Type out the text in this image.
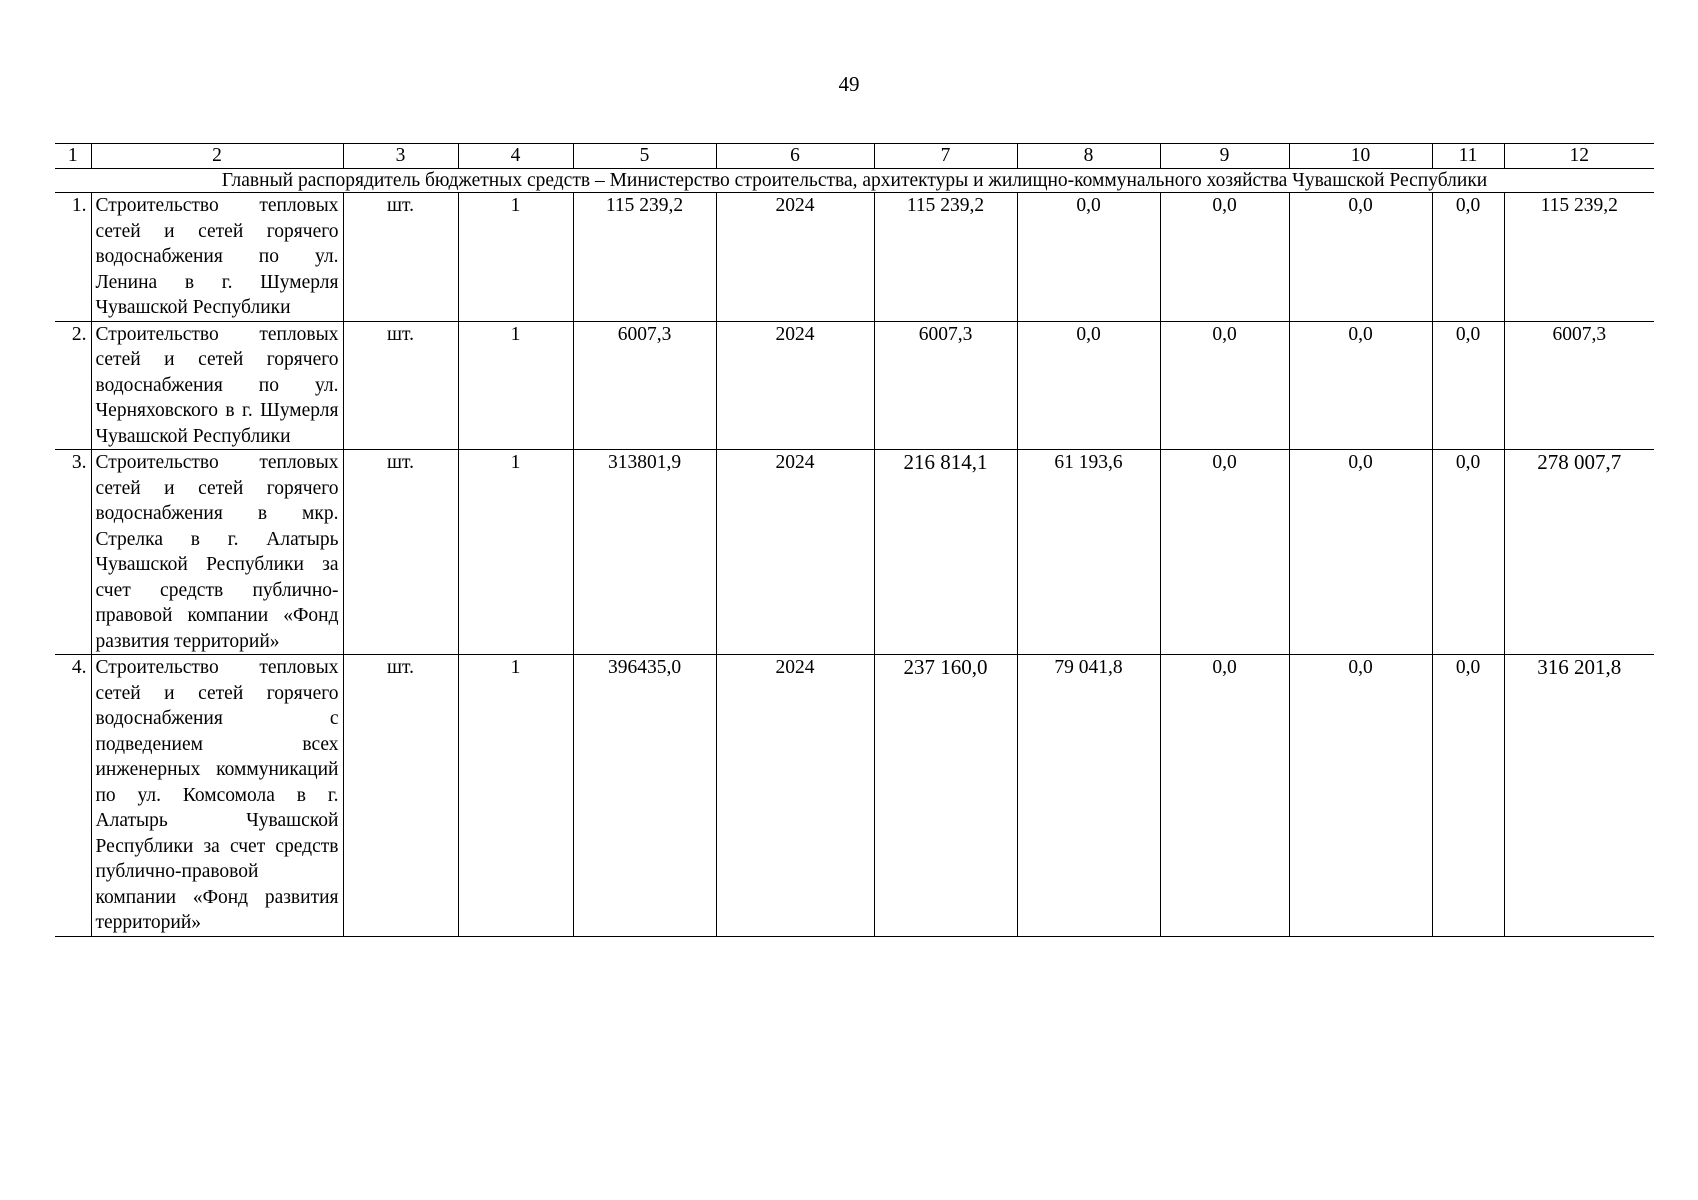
49
1	2	3	4	5	6	7	8	9	10	11	12
Главный распорядитель бюджетных средств – Министерство строительства, архитектуры и жилищно-коммунального хозяйства Чувашской Республики											
1.	Строительство тепловых сетей и сетей горячего водоснабжения по ул. Ленина в г. Шумерля Чувашской Республики	шт.	1	115 239,2	2024	115 239,2	0,0	0,0	0,0	0,0	115 239,2
2.	Строительство тепловых сетей и сетей горячего водоснабжения по ул. Черняховского в г. Шумерля Чувашской Республики	шт.	1	6007,3	2024	6007,3	0,0	0,0	0,0	0,0	6007,3
3.	Строительство тепловых сетей и сетей горячего водоснабжения в мкр. Стрелка в г. Алатырь Чувашской Республики за счет средств публично-правовой компании «Фонд развития территорий»	шт.	1	313801,9	2024	216 814,1	61 193,6	0,0	0,0	0,0	278 007,7
4.	Строительство тепловых сетей и сетей горячего водоснабжения с подведением всех инженерных коммуникаций по ул. Комсомола в г. Алатырь Чувашской Республики за счет средств публично-правовой компании «Фонд развития территорий»	шт.	1	396435,0	2024	237 160,0	79 041,8	0,0	0,0	0,0	316 201,8
